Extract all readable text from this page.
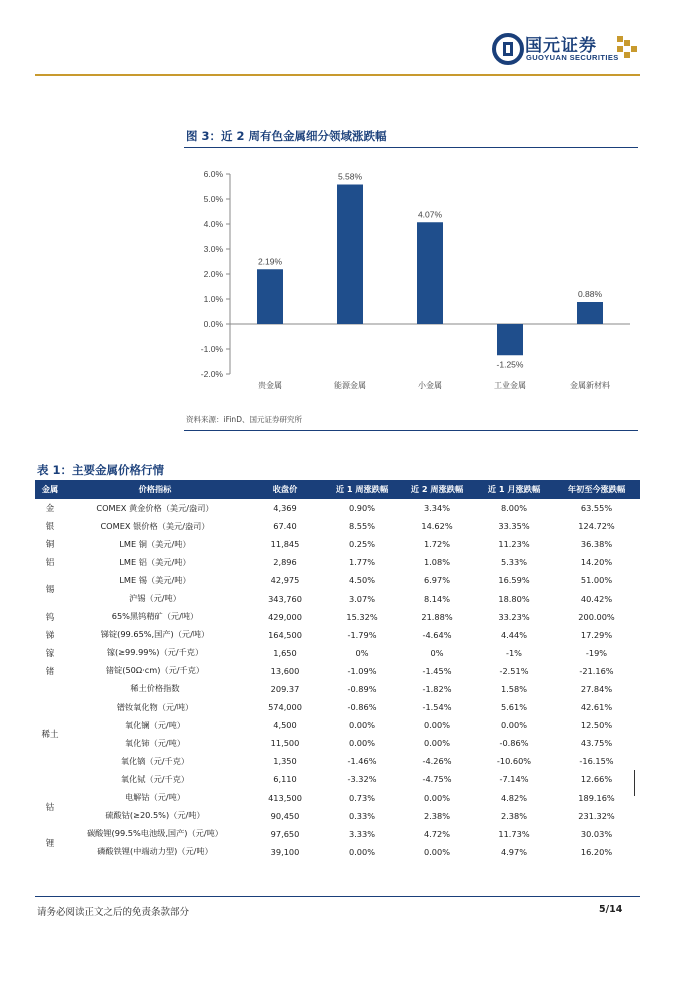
国元证券
GUOYUAN SECURITIES
图 3：近 2 周有色金属细分领域涨跌幅
-2.0%
-1.0%
0.0%
1.0%
2.0%
3.0%
4.0%
5.0%
6.0%
2.19%
贵金属
5.58%
能源金属
4.07%
小金属
-1.25%
工业金属
0.88%
金属新材料
资料来源：iFinD、国元证券研究所
表 1：主要金属价格行情
金属	价格指标	收盘价	近 1 周涨跌幅	近 2 周涨跌幅	近 1 月涨跌幅	年初至今涨跌幅
金	COMEX 黄金价格（美元/盎司）	4,369	0.90%	3.34%	8.00%	63.55%
银	COMEX 银价格（美元/盎司）	67.40	8.55%	14.62%	33.35%	124.72%
铜	LME 铜（美元/吨）	11,845	0.25%	1.72%	11.23%	36.38%
铝	LME 铝（美元/吨）	2,896	1.77%	1.08%	5.33%	14.20%
锡	LME 锡（美元/吨）	42,975	4.50%	6.97%	16.59%	51.00%
	沪锡（元/吨）	343,760	3.07%	8.14%	18.80%	40.42%
钨	65%黑钨精矿（元/吨）	429,000	15.32%	21.88%	33.23%	200.00%
锑	锑锭(99.65%,国产)（元/吨）	164,500	-1.79%	-4.64%	4.44%	17.29%
镓	镓(≥99.99%)（元/千克）	1,650	0%	0%	-1%	-19%
锗	锗锭(50Ω·cm)（元/千克）	13,600	-1.09%	-1.45%	-2.51%	-21.16%
稀土	稀土价格指数	209.37	-0.89%	-1.82%	1.58%	27.84%
	镨钕氧化物（元/吨）	574,000	-0.86%	-1.54%	5.61%	42.61%
	氧化镧（元/吨）	4,500	0.00%	0.00%	0.00%	12.50%
	氧化铈（元/吨）	11,500	0.00%	0.00%	-0.86%	43.75%
	氧化镝（元/千克）	1,350	-1.46%	-4.26%	-10.60%	-16.15%
	氧化铽（元/千克）	6,110	-3.32%	-4.75%	-7.14%	12.66%
钴	电解钴（元/吨）	413,500	0.73%	0.00%	4.82%	189.16%
	硫酸钴(≥20.5%)（元/吨）	90,450	0.33%	2.38%	2.38%	231.32%
锂	碳酸锂(99.5%电池级,国产)（元/吨）	97,650	3.33%	4.72%	11.73%	30.03%
	磷酸铁锂(中端动力型)（元/吨）	39,100	0.00%	0.00%	4.97%	16.20%
请务必阅读正文之后的免责条款部分	5/14
